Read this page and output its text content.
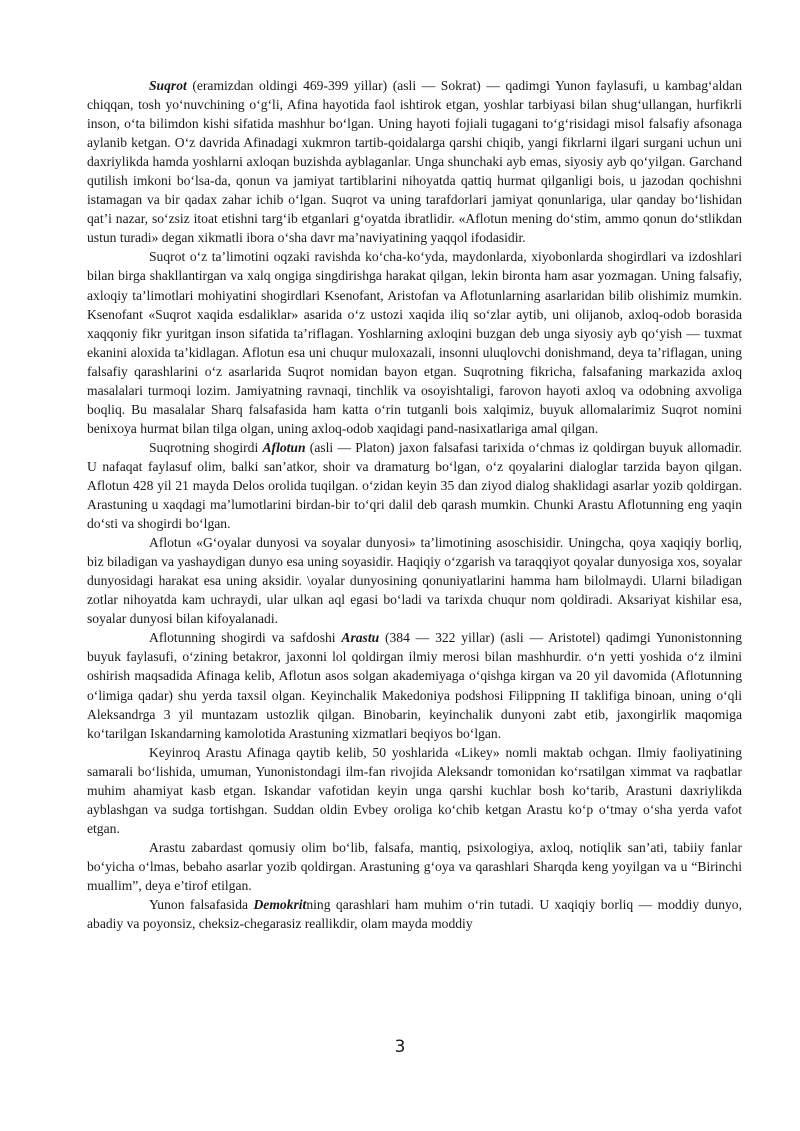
Suqrot (eramizdan oldingi 469-399 yillar) (asli — Sokrat) — qadimgi Yunon faylasufi, u kambag‘aldan chiqqan, tosh yo‘nuvchining o‘g‘li, Afina hayotida faol ishtirok etgan, yoshlar tarbiyasi bilan shug‘ullangan, hurfikrli inson, o‘ta bilimdon kishi sifatida mashhur bo‘lgan. Uning hayoti fojiali tugagani to‘g‘risidagi misol falsafiy afsonaga aylanib ketgan. O‘z davrida Afinadagi xukmron tartib-qoidalarga qarshi chiqib, yangi fikrlarni ilgari surgani uchun uni daxriylikda hamda yoshlarni axloqan buzishda ayblaganlar. Unga shunchaki ayb emas, siyosiy ayb qo‘yilgan. Garchand qutilish imkoni bo‘lsa-da, qonun va jamiyat tartiblarini nihoyatda qattiq hurmat qilganligi bois, u jazodan qochishni istamagan va bir qadax zahar ichib o‘lgan. Suqrot va uning tarafdorlari jamiyat qonunlariga, ular qanday bo‘lishidan qat’i nazar, so‘zsiz itoat etishni targ‘ib etganlari g‘oyatda ibratlidir. «Aflotun mening do‘stim, ammo qonun do‘stlikdan ustun turadi» degan xikmatli ibora o‘sha davr ma’naviyatining yaqqol ifodasidir.

Suqrot o‘z ta’limotini oqzaki ravishda ko‘cha-ko‘yda, maydonlarda, xiyobonlarda shogirdlari va izdoshlari bilan birga shakllantirgan va xalq ongiga singdirishga harakat qilgan, lekin bironta ham asar yozmagan. Uning falsafiy, axloqiy ta’limotlari mohiyatini shogirdlari Ksenofant, Aristofan va Aflotunlarning asarlaridan bilib olishimiz mumkin. Ksenofant «Suqrot xaqida esdaliklar» asarida o‘z ustozi xaqida iliq so‘zlar aytib, uni olijanob, axloq-odob borasida xaqqoniy fikr yuritgan inson sifatida ta’riflagan. Yoshlarning axloqini buzgan deb unga siyosiy ayb qo‘yish — tuxmat ekanini aloxida ta’kidlagan. Aflotun esa uni chuqur muloxazali, insonni uluqlovchi donishmand, deya ta’riflagan, uning falsafiy qarashlarini o‘z asarlarida Suqrot nomidan bayon etgan. Suqrotning fikricha, falsafaning markazida axloq masalalari turmoqi lozim. Jamiyatning ravnaqi, tinchlik va osoyishtaligi, farovon hayoti axloq va odobning axvoliga boqliq. Bu masalalar Sharq falsafasida ham katta o‘rin tutganli bois xalqimiz, buyuk allomalarimiz Suqrot nomini benixoya hurmat bilan tilga olgan, uning axloq-odob xaqidagi pand-nasixatlariga amal qilgan.

Suqrotning shogirdi Aflotun (asli — Platon) jaxon falsafasi tarixida o‘chmas iz qoldirgan buyuk allomadir. U nafaqat faylasuf olim, balki san’atkor, shoir va dramaturg bo‘lgan, o‘z qoyalarini dialoglar tarzida bayon qilgan. Aflotun 428 yil 21 mayda Delos orolida tuqilgan. o‘zidan keyin 35 dan ziyod dialog shaklidagi asarlar yozib qoldirgan. Arastuning u xaqdagi ma’lumotlarini birdan-bir to‘qri dalil deb qarash mumkin. Chunki Arastu Aflotunning eng yaqin do‘sti va shogirdi bo‘lgan.

Aflotun «G‘oyalar dunyosi va soyalar dunyosi» ta’limotining asoschisidir. Uningcha, qoya xaqiqiy borliq, biz biladigan va yashaydigan dunyo esa uning soyasidir. Haqiqiy o‘zgarish va taraqqiyot qoyalar dunyosiga xos, soyalar dunyosidagi harakat esa uning aksidir. \oyalar dunyosining qonuniyatlarini hamma ham bilolmaydi. Ularni biladigan zotlar nihoyatda kam uchraydi, ular ulkan aql egasi bo‘ladi va tarixda chuqur nom qoldiradi. Aksariyat kishilar esa, soyalar dunyosi bilan kifoyalanadi.

Aflotunning shogirdi va safdoshi Arastu (384 — 322 yillar) (asli — Aristotel) qadimgi Yunonistonning buyuk faylasufi, o‘zining betakror, jaxonni lol qoldirgan ilmiy merosi bilan mashhurdir. o‘n yetti yoshida o‘z ilmini oshirish maqsadida Afinaga kelib, Aflotun asos solgan akademiyaga o‘qishga kirgan va 20 yil davomida (Aflotunning o‘limiga qadar) shu yerda taxsil olgan. Keyinchalik Makedoniya podshosi Filippning II taklifiga binoan, uning o‘qli Aleksandrga 3 yil muntazam ustozlik qilgan. Binobarin, keyinchalik dunyoni zabt etib, jaxongirlik maqomiga ko‘tarilgan Iskandarning kamolotida Arastuning xizmatlari beqiyos bo‘lgan.

Keyinroq Arastu Afinaga qaytib kelib, 50 yoshlarida «Likey» nomli maktab ochgan. Ilmiy faoliyatining samarali bo‘lishida, umuman, Yunonistondagi ilm-fan rivojida Aleksandr tomonidan ko‘rsatilgan ximmat va raqbatlar muhim ahamiyat kasb etgan. Iskandar vafotidan keyin unga qarshi kuchlar bosh ko‘tarib, Arastuni daxriylikda ayblashgan va sudga tortishgan. Suddan oldin Evbey oroliga ko‘chib ketgan Arastu ko‘p o‘tmay o‘sha yerda vafot etgan.

Arastu zabardast qomusiy olim bo‘lib, falsafa, mantiq, psixologiya, axloq, notiqlik san’ati, tabiiy fanlar bo‘yicha o‘lmas, bebaho asarlar yozib qoldirgan. Arastuning g‘oya va qarashlari Sharqda keng yoyilgan va u “Birinchi muallim”, deya e’tirof etilgan.

Yunon falsafasida Demokritning qarashlari ham muhim o‘rin tutadi. U xaqiqiy borliq — moddiy dunyo, abadiy va poyonsiz, cheksiz-chegarasiz reallikdir, olam mayda moddiy

3
